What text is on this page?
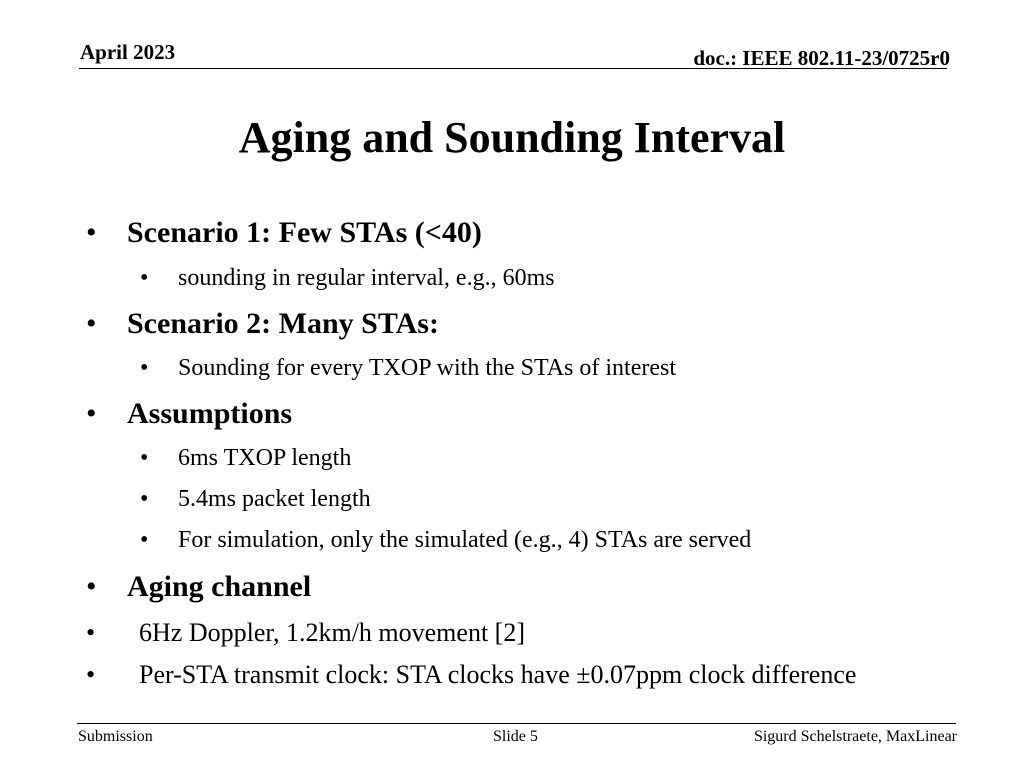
April 2023	doc.: IEEE 802.11-23/0725r0
Aging and Sounding Interval
• Scenario 1: Few STAs (<40)
• sounding in regular interval, e.g., 60ms
• Scenario 2: Many STAs:
• Sounding for every TXOP with the STAs of interest
• Assumptions
• 6ms TXOP length
• 5.4ms packet length
• For simulation, only the simulated (e.g., 4) STAs are served
• Aging channel
• 6Hz Doppler, 1.2km/h movement [2]
• Per-STA transmit clock: STA clocks have ±0.07ppm clock difference
Submission	Slide 5	Sigurd Schelstraete, MaxLinear
